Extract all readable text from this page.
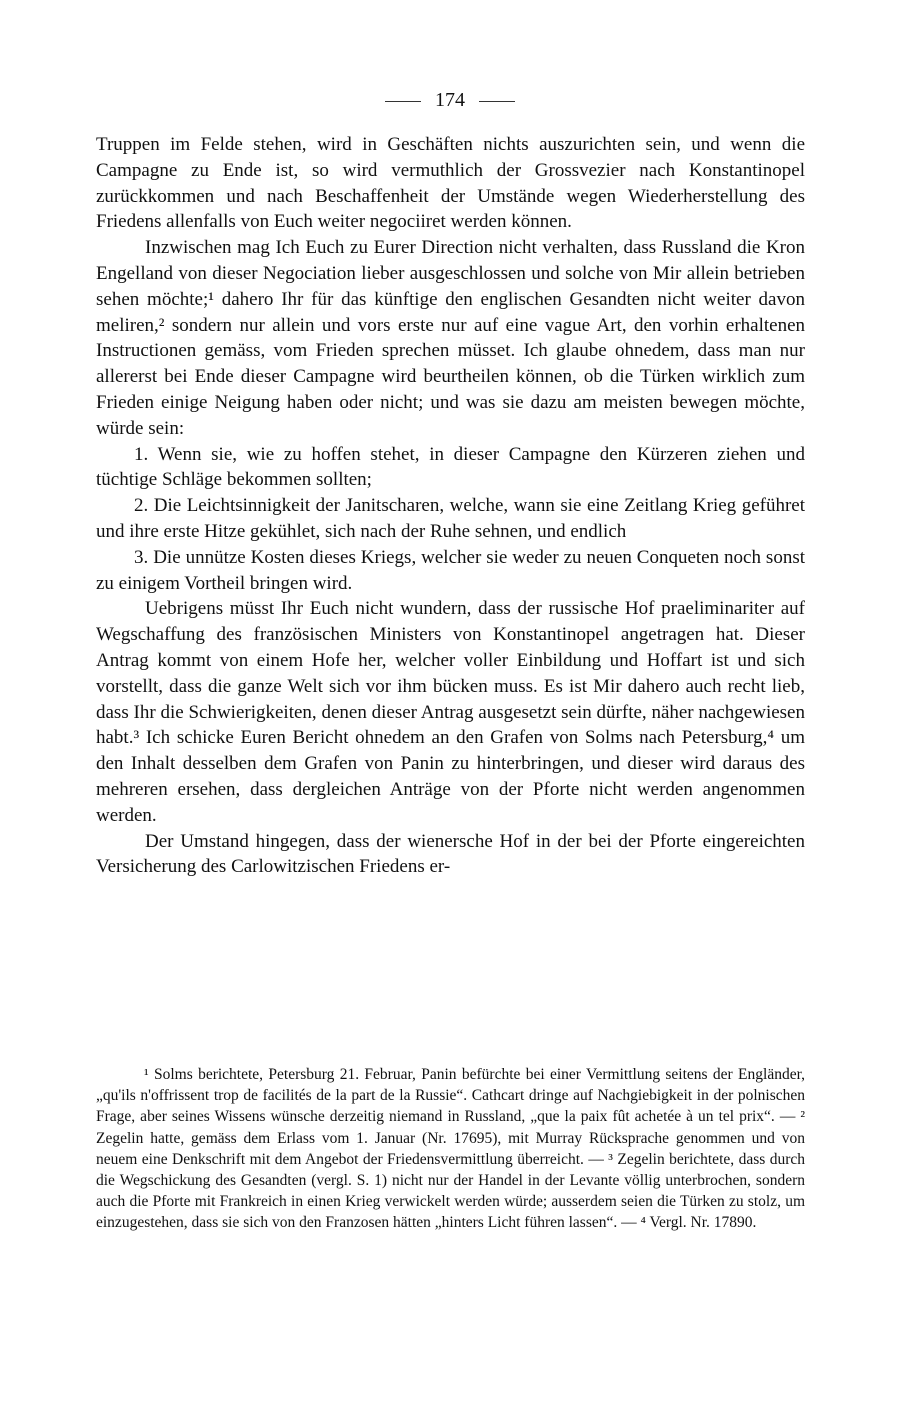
174

Truppen im Felde stehen, wird in Geschäften nichts auszurichten sein, und wenn die Campagne zu Ende ist, so wird vermuthlich der Grossvezier nach Konstantinopel zurückkommen und nach Beschaffenheit der Umstände wegen Wiederherstellung des Friedens allenfalls von Euch weiter negociiret werden können.

Inzwischen mag Ich Euch zu Eurer Direction nicht verhalten, dass Russland die Kron Engelland von dieser Negociation lieber ausgeschlossen und solche von Mir allein betrieben sehen möchte;¹ dahero Ihr für das künftige den englischen Gesandten nicht weiter davon meliren,² sondern nur allein und vors erste nur auf eine vague Art, den vorhin erhaltenen Instructionen gemäss, vom Frieden sprechen müsset. Ich glaube ohnedem, dass man nur allererst bei Ende dieser Campagne wird beurtheilen können, ob die Türken wirklich zum Frieden einige Neigung haben oder nicht; und was sie dazu am meisten bewegen möchte, würde sein:

1. Wenn sie, wie zu hoffen stehet, in dieser Campagne den Kürzeren ziehen und tüchtige Schläge bekommen sollten;

2. Die Leichtsinnigkeit der Janitscharen, welche, wann sie eine Zeitlang Krieg geführet und ihre erste Hitze gekühlet, sich nach der Ruhe sehnen, und endlich

3. Die unnütze Kosten dieses Kriegs, welcher sie weder zu neuen Conqueten noch sonst zu einigem Vortheil bringen wird.

Uebrigens müsst Ihr Euch nicht wundern, dass der russische Hof praeliminariter auf Wegschaffung des französischen Ministers von Konstantinopel angetragen hat. Dieser Antrag kommt von einem Hofe her, welcher voller Einbildung und Hoffart ist und sich vorstellt, dass die ganze Welt sich vor ihm bücken muss. Es ist Mir dahero auch recht lieb, dass Ihr die Schwierigkeiten, denen dieser Antrag ausgesetzt sein dürfte, näher nachgewiesen habt.³ Ich schicke Euren Bericht ohnedem an den Grafen von Solms nach Petersburg,⁴ um den Inhalt desselben dem Grafen von Panin zu hinterbringen, und dieser wird daraus des mehreren ersehen, dass dergleichen Anträge von der Pforte nicht werden angenommen werden.

Der Umstand hingegen, dass der wienersche Hof in der bei der Pforte eingereichten Versicherung des Carlowitzischen Friedens er-

¹ Solms berichtete, Petersburg 21. Februar, Panin befürchte bei einer Vermittlung seitens der Engländer, „qu'ils n'offrissent trop de facilités de la part de la Russie“. Cathcart dringe auf Nachgiebigkeit in der polnischen Frage, aber seines Wissens wünsche derzeitig niemand in Russland, „que la paix fût achetée à un tel prix“. — ² Zegelin hatte, gemäss dem Erlass vom 1. Januar (Nr. 17695), mit Murray Rücksprache genommen und von neuem eine Denkschrift mit dem Angebot der Friedensvermittlung überreicht. — ³ Zegelin berichtete, dass durch die Wegschickung des Gesandten (vergl. S. 1) nicht nur der Handel in der Levante völlig unterbrochen, sondern auch die Pforte mit Frankreich in einen Krieg verwickelt werden würde; ausserdem seien die Türken zu stolz, um einzugestehen, dass sie sich von den Franzosen hätten „hinters Licht führen lassen“. — ⁴ Vergl. Nr. 17890.
